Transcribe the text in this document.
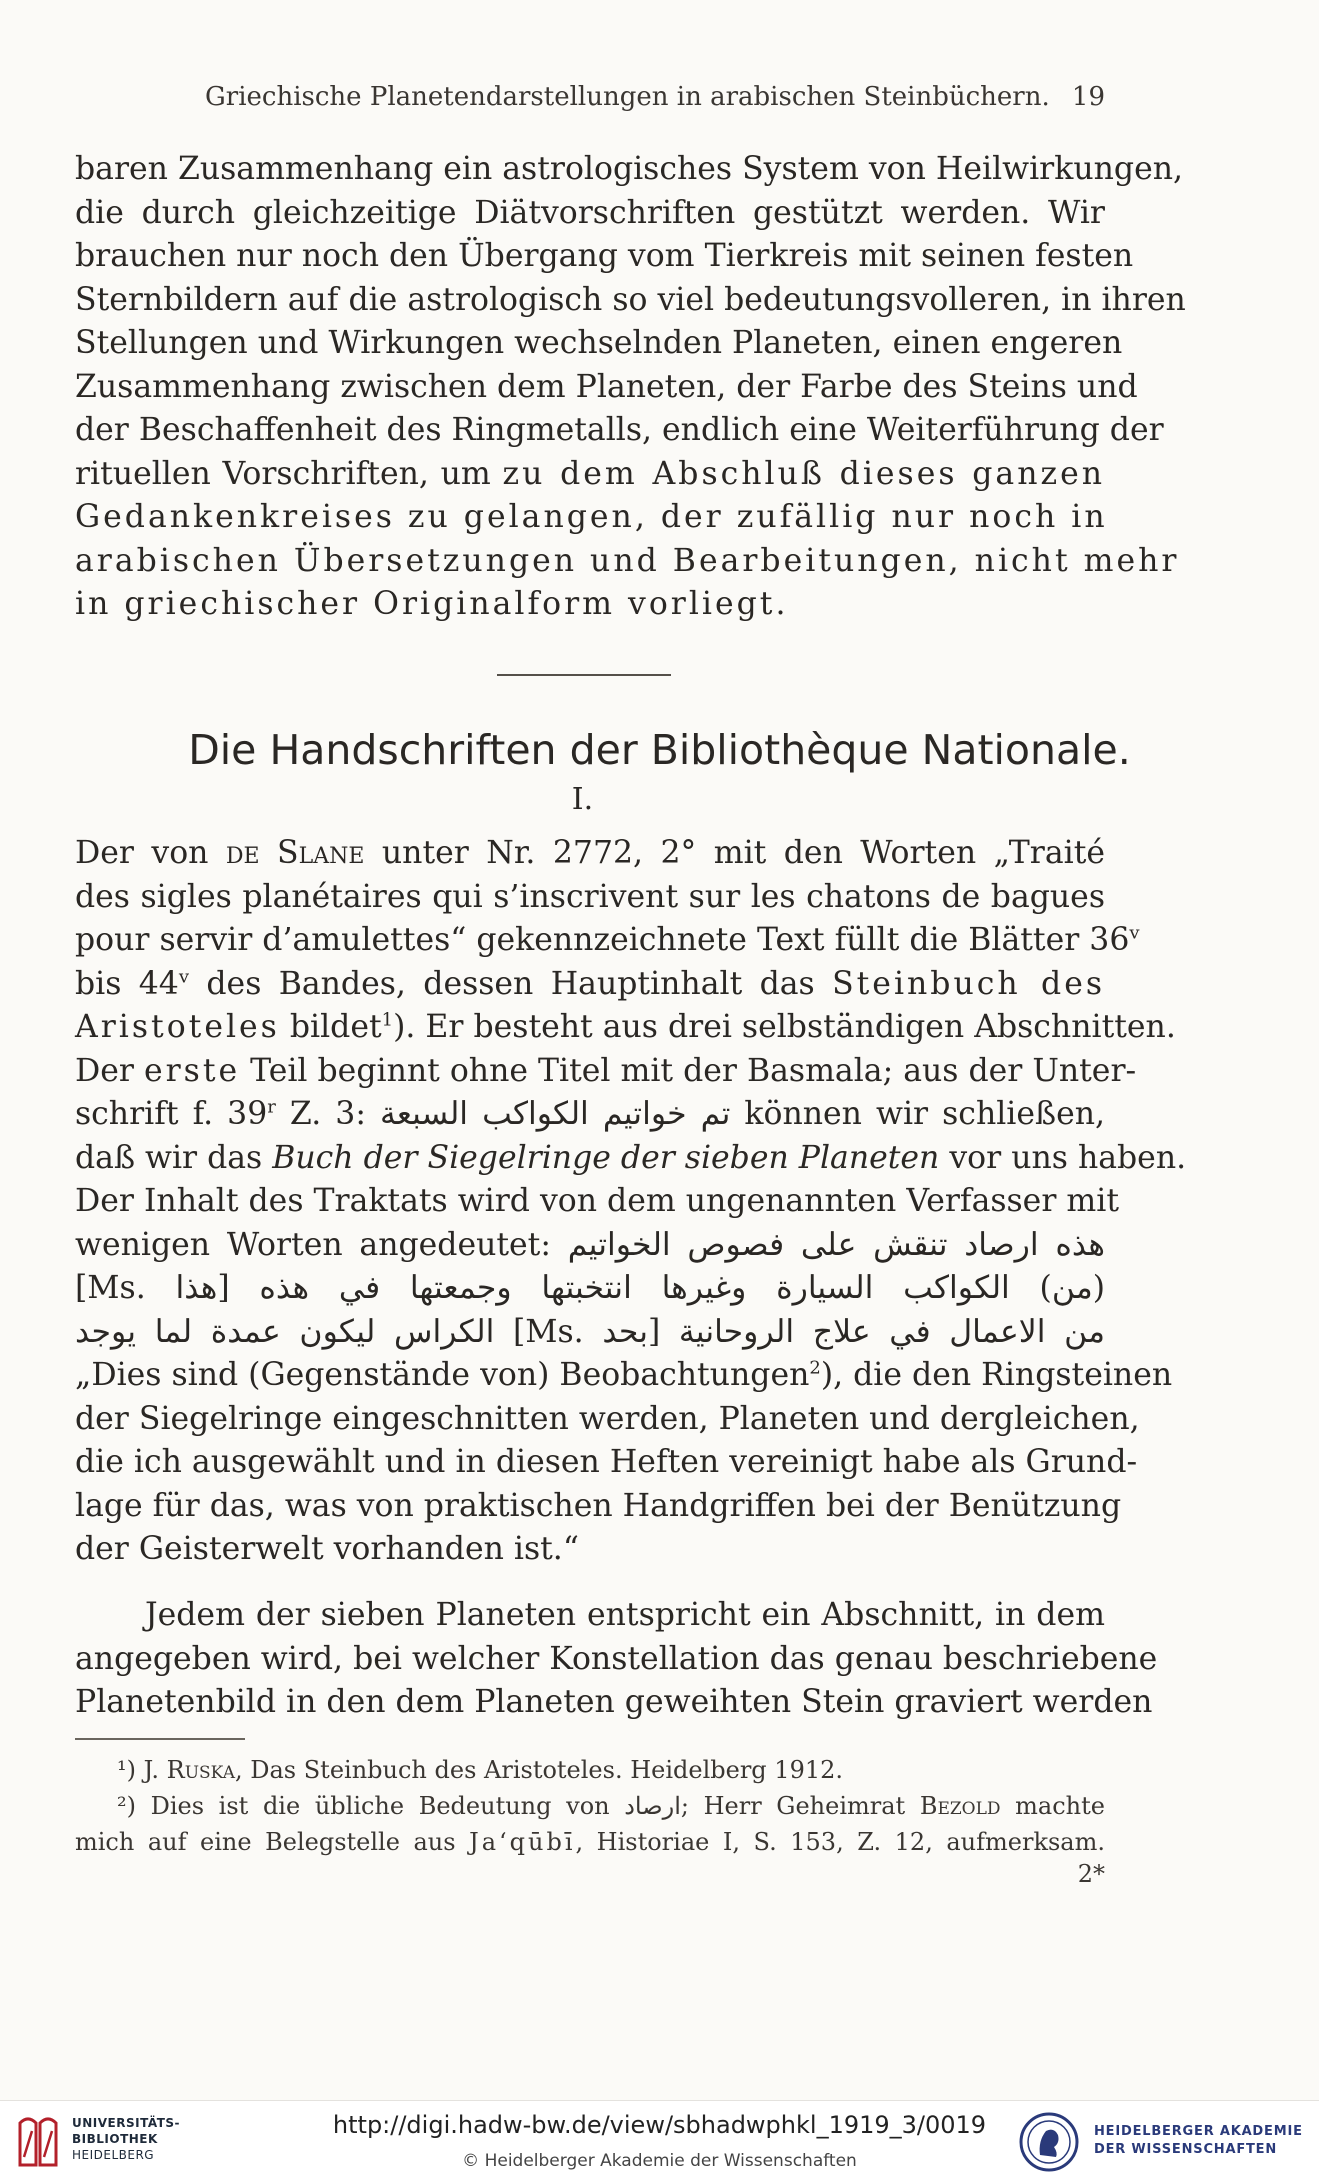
Griechische Planetendarstellungen in arabischen Steinbüchern. 19
baren Zusammenhang ein astrologisches System von Heilwirkungen,
die durch gleichzeitige Diätvorschriften gestützt werden. Wir
brauchen nur noch den Übergang vom Tierkreis mit seinen festen
Sternbildern auf die astrologisch so viel bedeutungsvolleren, in ihren
Stellungen und Wirkungen wechselnden Planeten, einen engeren
Zusammenhang zwischen dem Planeten, der Farbe des Steins und
der Beschaffenheit des Ringmetalls, endlich eine Weiterführung der
rituellen Vorschriften, um zu dem Abschluß dieses ganzen
Gedankenkreises zu gelangen, der zufällig nur noch in
arabischen Übersetzungen und Bearbeitungen, nicht mehr
in griechischer Originalform vorliegt.
Die Handschriften der Bibliothèque Nationale.
I.
Der von de Slane unter Nr. 2772, 2° mit den Worten „Traité
des sigles planétaires qui s’inscrivent sur les chatons de bagues
pour servir d’amulettes“ gekennzeichnete Text füllt die Blätter 36$^v$
bis 44$^v$ des Bandes, dessen Hauptinhalt das Steinbuch des
Aristoteles bildet$^1$). Er besteht aus drei selbständigen Abschnitten.
Der erste Teil beginnt ohne Titel mit der Basmala; aus der Unter-
schrift f. 39$^r$ Z. 3: تم خواتيم الكواكب السبعة können wir schließen,
daß wir das Buch der Siegelringe der sieben Planeten vor uns haben.
Der Inhalt des Traktats wird von dem ungenannten Verfasser mit
wenigen Worten angedeutet: هذه ارصاد تنقش على فصوص الخواتيم
[Ms. هذا] (من) الكواكب السيارة وغيرها انتخبتها وجمعتها في هذه
الكراس ليكون عمدة لما يوجد [Ms. بحد] من الاعمال في علاج الروحانية
„Dies sind (Gegenstände von) Beobachtungen$^2$), die den Ringsteinen
der Siegelringe eingeschnitten werden, Planeten und dergleichen,
die ich ausgewählt und in diesen Heften vereinigt habe als Grund-
lage für das, was von praktischen Handgriffen bei der Benützung
der Geisterwelt vorhanden ist.“
Jedem der sieben Planeten entspricht ein Abschnitt, in dem
angegeben wird, bei welcher Konstellation das genau beschriebene
Planetenbild in den dem Planeten geweihten Stein graviert werden
¹) J. Ruska, Das Steinbuch des Aristoteles. Heidelberg 1912.
²) Dies ist die übliche Bedeutung von ارصاد; Herr Geheimrat Bezold machte
mich auf eine Belegstelle aus Ja‘qūbī, Historiae I, S. 153, Z. 12, aufmerksam.
2*
UNIVERSITÄTS-
BIBLIOTHEK
HEIDELBERG
http://digi.hadw-bw.de/view/sbhadwphkl_1919_3/0019
© Heidelberger Akademie der Wissenschaften
HEIDELBERGER AKADEMIE
DER WISSENSCHAFTEN
